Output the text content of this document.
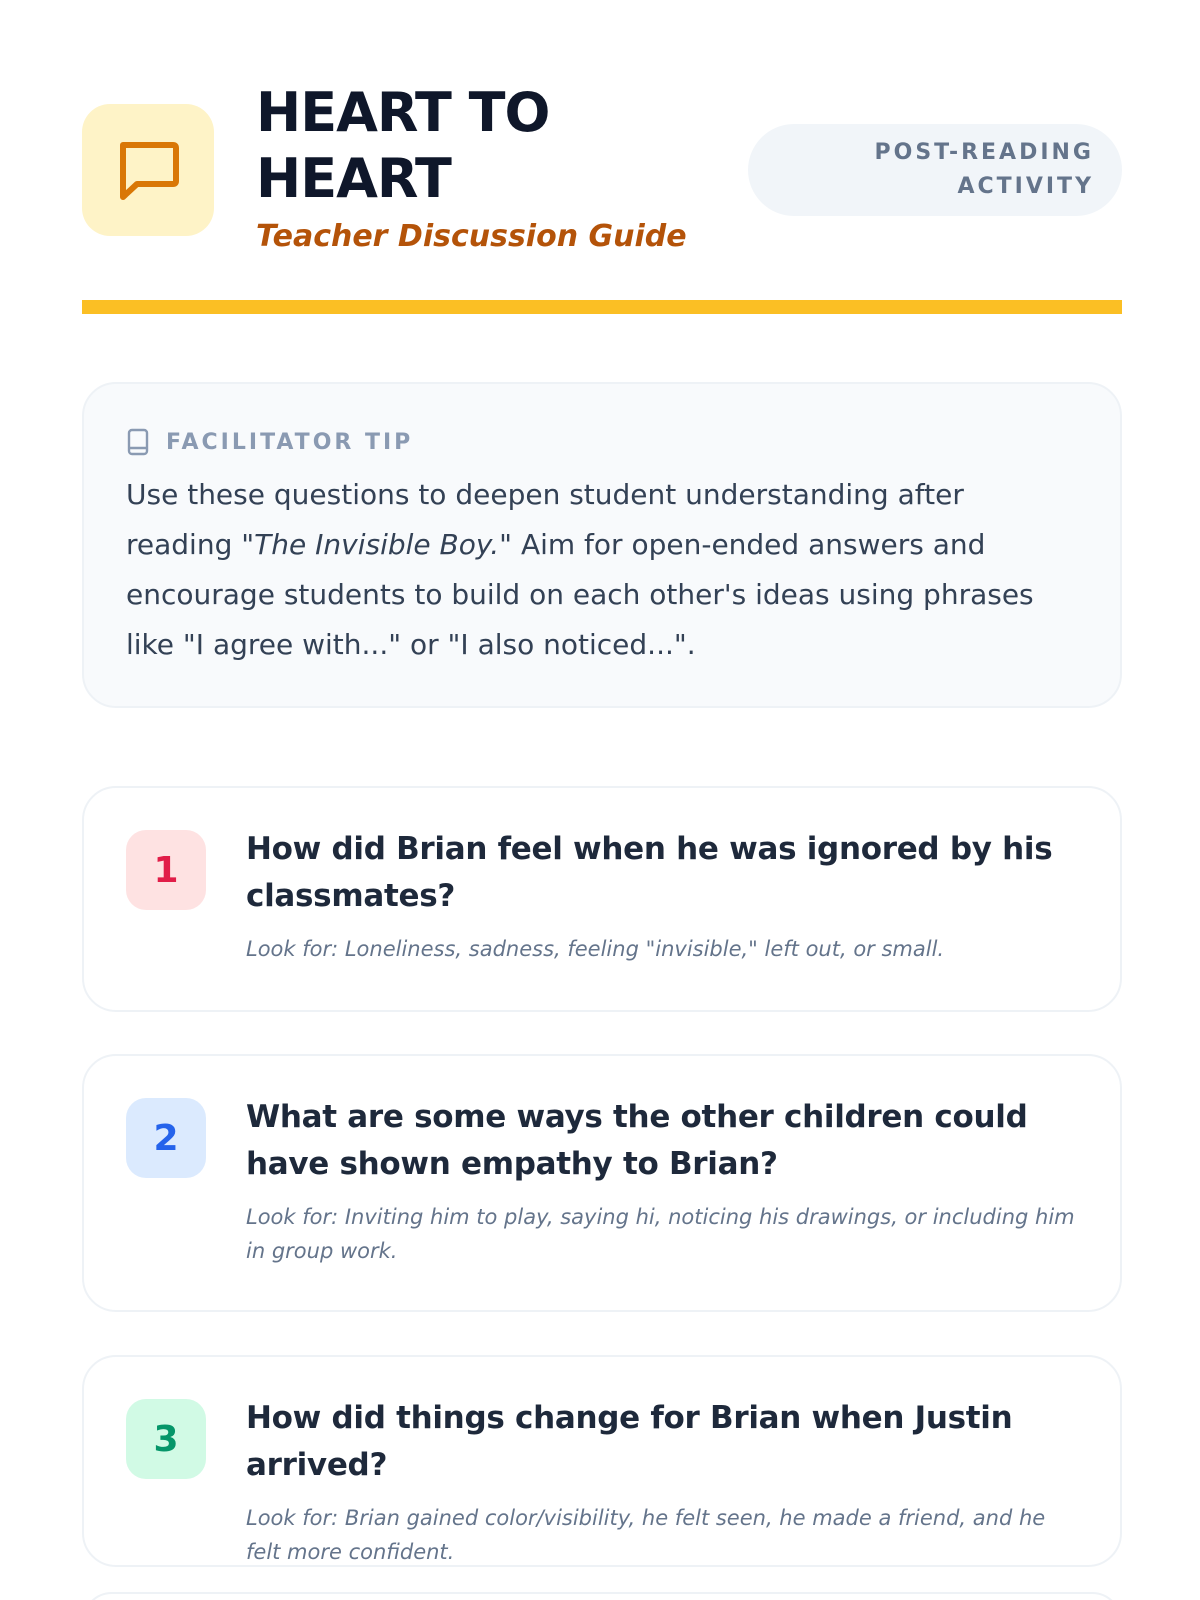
HEART TO
HEART
Teacher Discussion Guide
POST-READING
ACTIVITY
FACILITATOR TIP

Use these questions to deepen student understanding after reading "The Invisible Boy." Aim for open-ended answers and encourage students to build on each other's ideas using phrases like "I agree with..." or "I also noticed...".

1
How did Brian feel when he was ignored by his classmates?
Look for: Loneliness, sadness, feeling "invisible," left out, or small.
2
What are some ways the other children could have shown empathy to Brian?
Look for: Inviting him to play, saying hi, noticing his drawings, or including him in group work.
3
How did things change for Brian when Justin arrived?
Look for: Brian gained color/visibility, he felt seen, he made a friend, and he felt more confident.
